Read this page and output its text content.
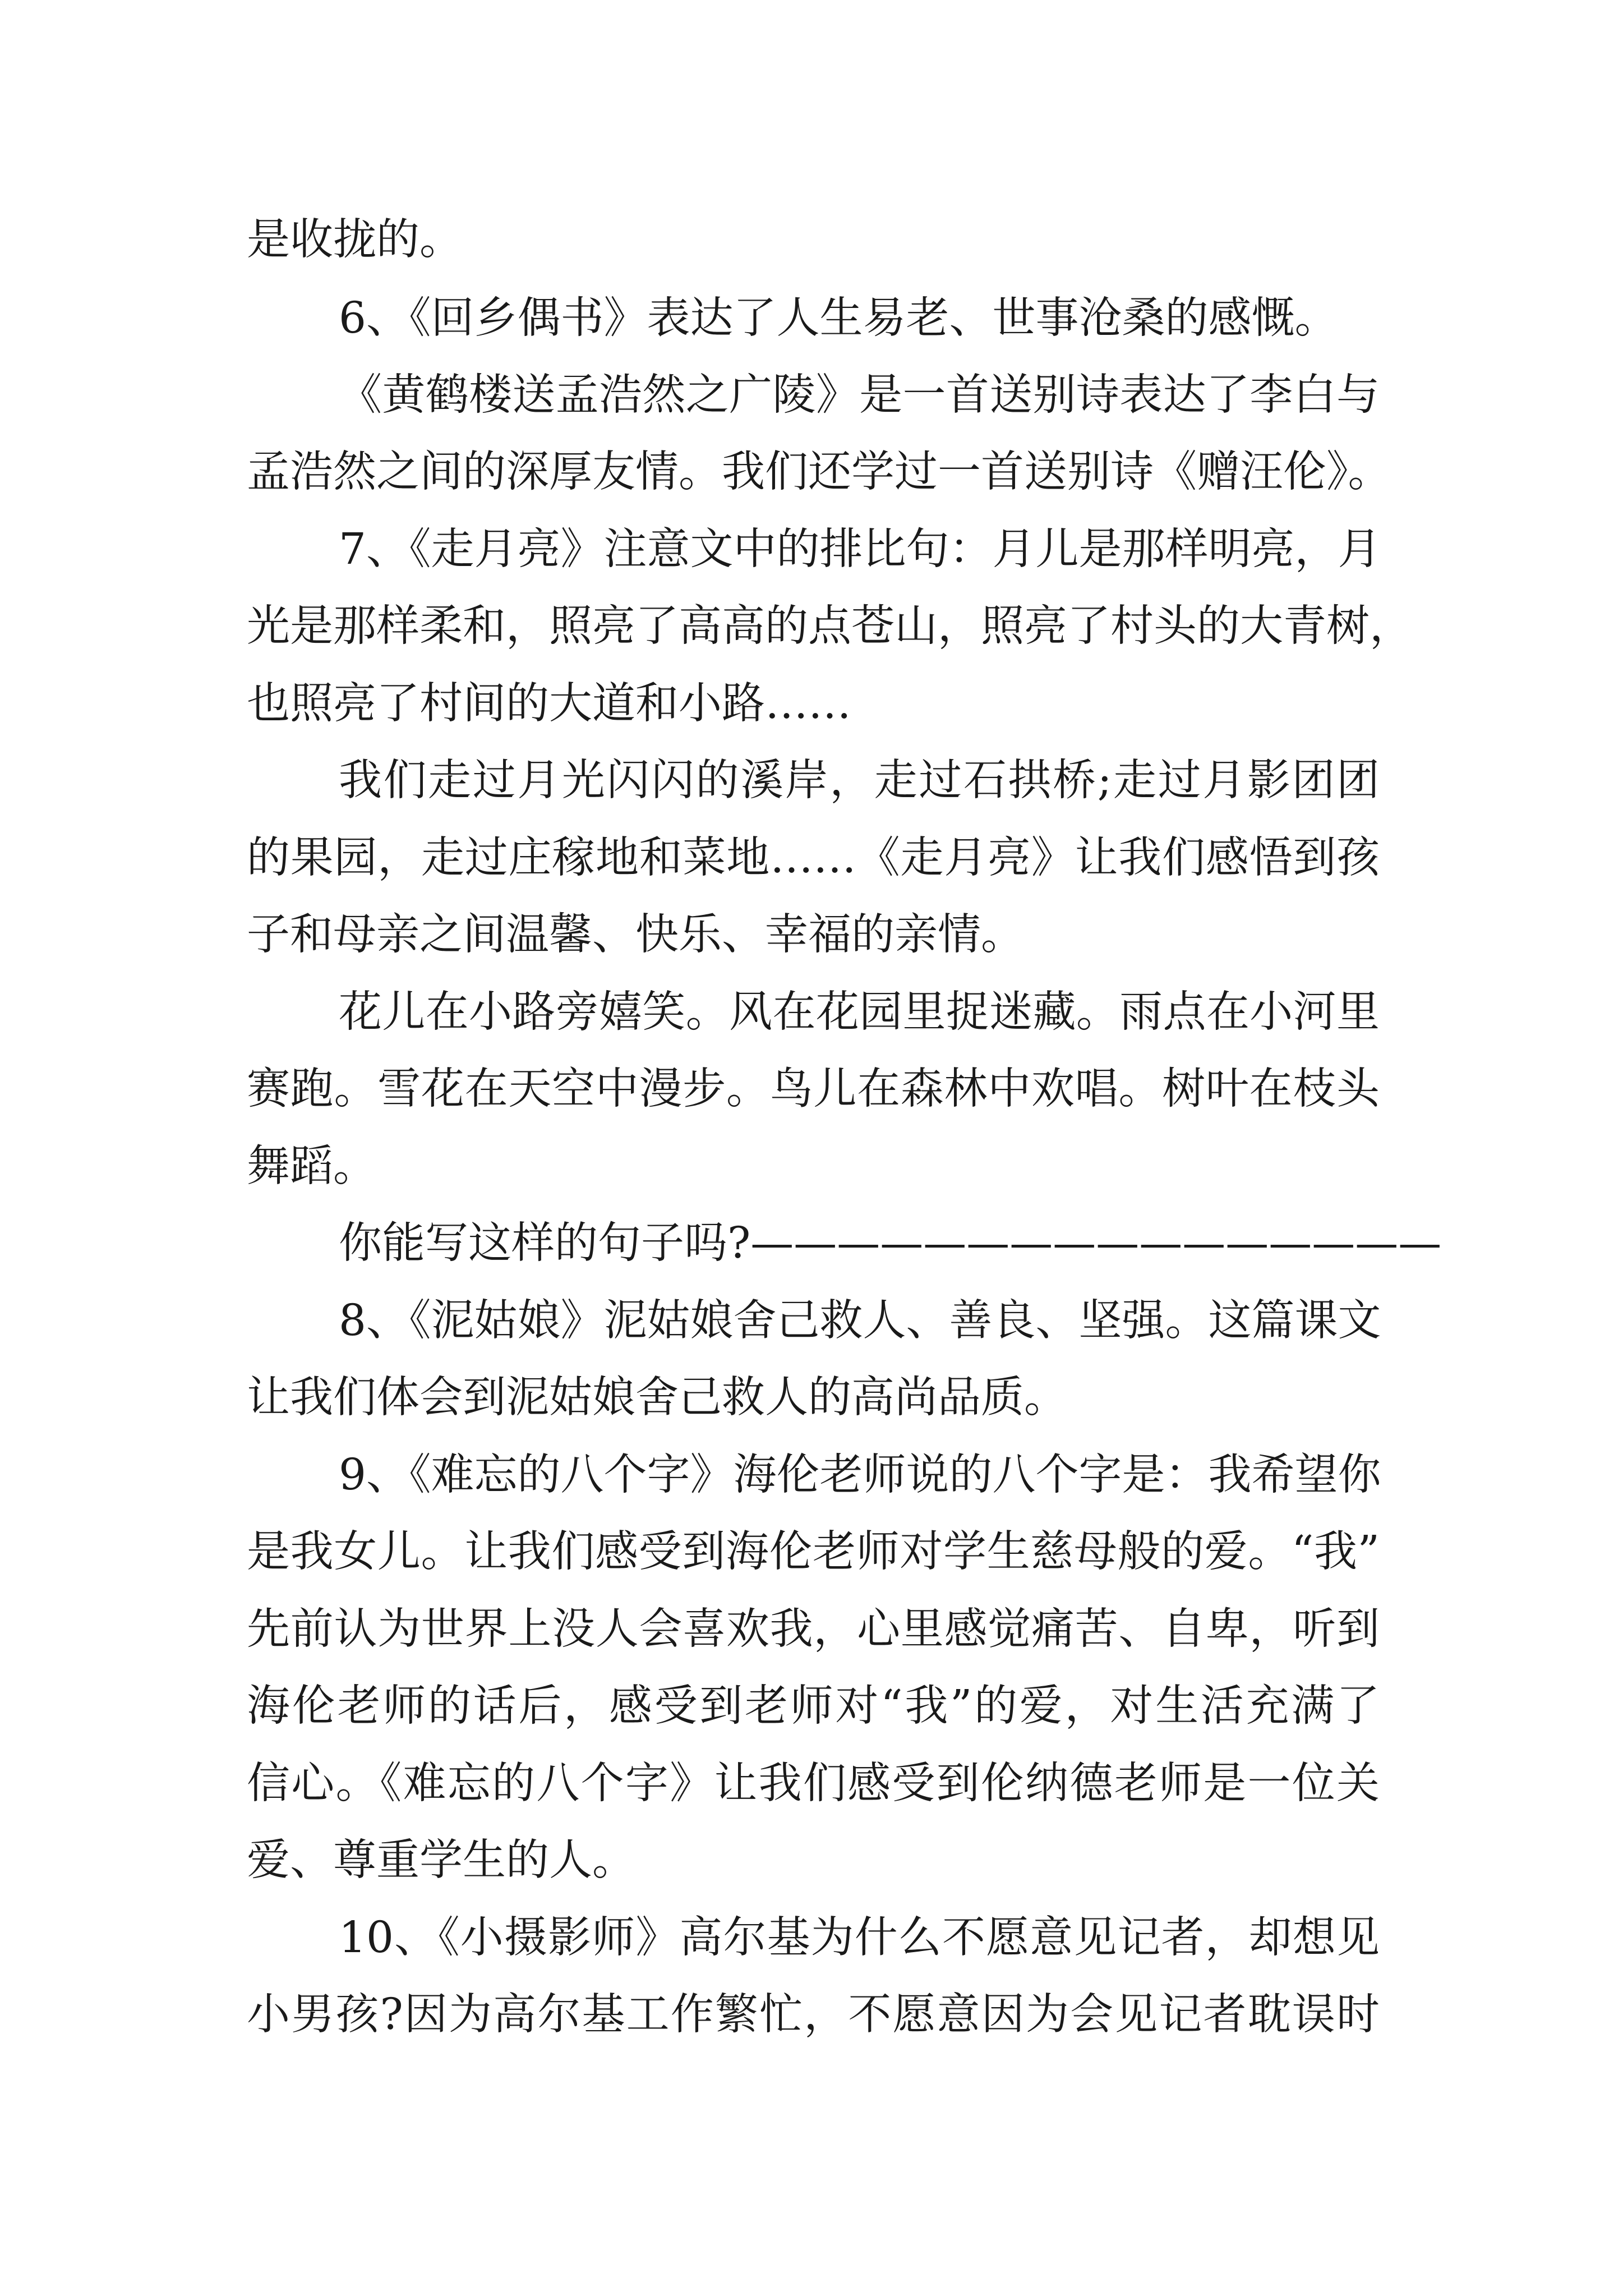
是收拢的。
6、《回乡偶书》表达了人生易老、世事沧桑的感慨。
《黄鹤楼送孟浩然之广陵》是一首送别诗表达了李白与
孟浩然之间的深厚友情。我们还学过一首送别诗《赠汪伦》。
7、《走月亮》注意文中的排比句：月儿是那样明亮，月
光是那样柔和，照亮了高高的点苍山，照亮了村头的大青树，
也照亮了村间的大道和小路……
我们走过月光闪闪的溪岸，走过石拱桥;走过月影团团
的果园，走过庄稼地和菜地……《走月亮》让我们感悟到孩
子和母亲之间温馨、快乐、幸福的亲情。
花儿在小路旁嬉笑。风在花园里捉迷藏。雨点在小河里
赛跑。雪花在天空中漫步。鸟儿在森林中欢唱。树叶在枝头
舞蹈。
你能写这样的句子吗?————————————————
8、《泥姑娘》泥姑娘舍己救人、善良、坚强。这篇课文
让我们体会到泥姑娘舍己救人的高尚品质。
9、《难忘的八个字》海伦老师说的八个字是：我希望你
是我女儿。让我们感受到海伦老师对学生慈母般的爱。“我”
先前认为世界上没人会喜欢我，心里感觉痛苦、自卑，听到
海伦老师的话后，感受到老师对“我”的爱，对生活充满了
信心。《难忘的八个字》让我们感受到伦纳德老师是一位关
爱、尊重学生的人。
10、《小摄影师》高尔基为什么不愿意见记者，却想见
小男孩?因为高尔基工作繁忙，不愿意因为会见记者耽误时
